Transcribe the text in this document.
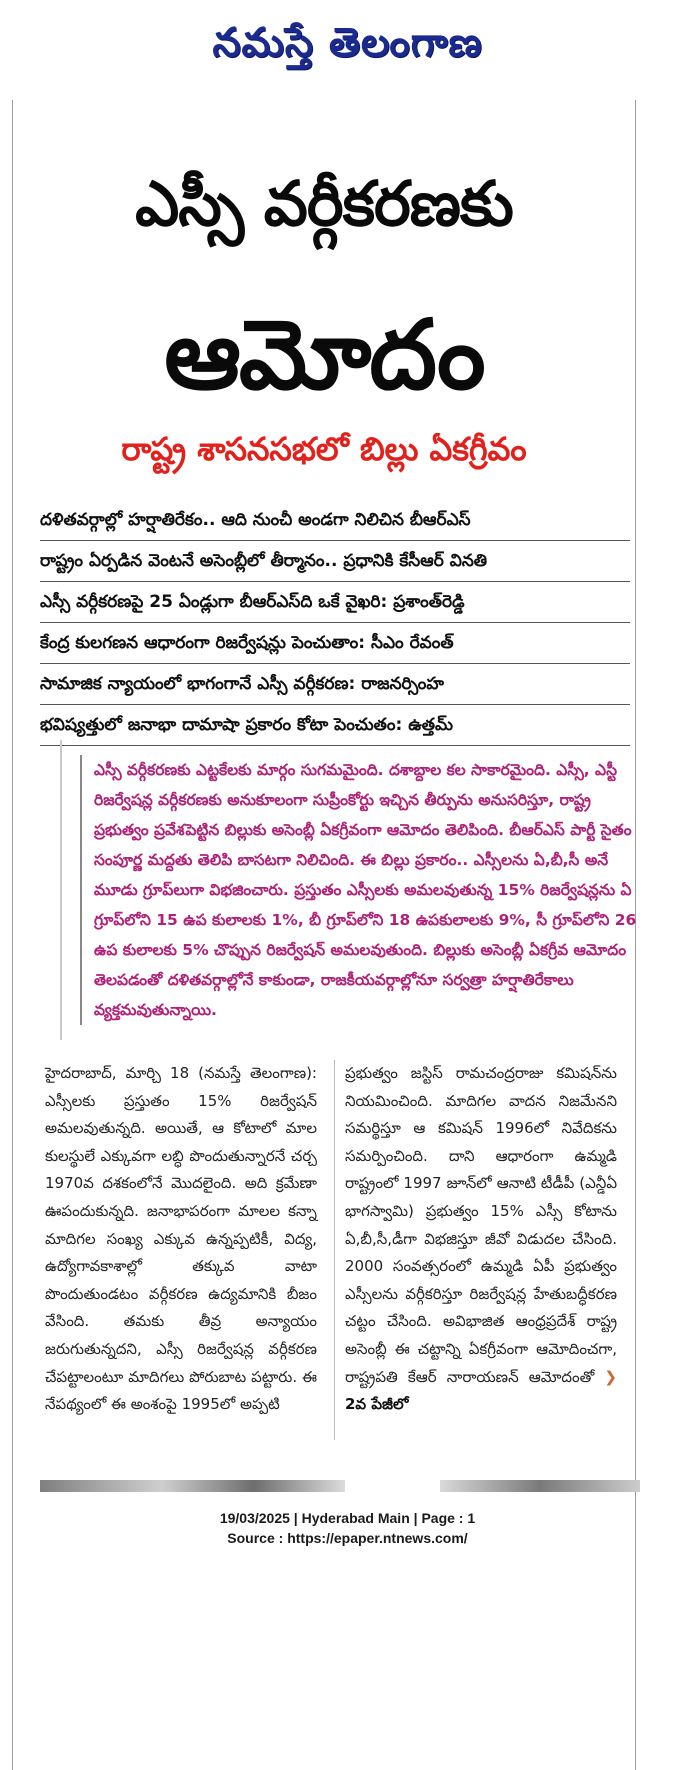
నమస్తే తెలంగాణ
ఎస్సీ వర్గీకరణకు
ఆమోదం
రాష్ట్ర శాసనసభలో బిల్లు ఏకగ్రీవం
దళితవర్గాల్లో హర్షాతిరేకం.. ఆది నుంచీ అండగా నిలిచిన బీఆర్ఎస్
రాష్ట్రం ఏర్పడిన వెంటనే అసెంబ్లీలో తీర్మానం.. ప్రధానికి కేసీఆర్ వినతి
ఎస్సీ వర్గీకరణపై 25 ఏండ్లుగా బీఆర్ఎస్‌ది ఒకే వైఖరి: ప్రశాంత్‌రెడ్డి
కేంద్ర కులగణన ఆధారంగా రిజర్వేషన్లు పెంచుతాం: సీఎం రేవంత్
సామాజిక న్యాయంలో భాగంగానే ఎస్సీ వర్గీకరణ: రాజనర్సింహ
భవిష్యత్తులో జనాభా దామాషా ప్రకారం కోటా పెంచుతం: ఉత్తమ్
ఎస్సీ వర్గీకరణకు ఎట్టకేలకు మార్గం సుగమమైంది. దశాబ్దాల కల సాకారమైంది. ఎస్సీ, ఎస్టీ రిజర్వేషన్ల వర్గీకరణకు అనుకూలంగా సుప్రీంకోర్టు ఇచ్చిన తీర్పును అనుసరిస్తూ, రాష్ట్ర ప్రభుత్వం ప్రవేశపెట్టిన బిల్లుకు అసెంబ్లీ ఏకగ్రీవంగా ఆమోదం తెలిపింది. బీఆర్ఎస్ పార్టీ సైతం సంపూర్ణ మద్దతు తెలిపి బాసటగా నిలిచింది. ఈ బిల్లు ప్రకారం.. ఎస్సీలను ఏ,బీ,సీ అనే మూడు గ్రూప్‌లుగా విభజించారు. ప్రస్తుతం ఎస్సీలకు అమలవుతున్న 15% రిజర్వేషన్లను ఏ గ్రూప్‌లోని 15 ఉప కులాలకు 1%, బీ గ్రూప్‌లోని 18 ఉపకులాలకు 9%, సీ గ్రూప్‌లోని 26 ఉప కులాలకు 5% చొప్పున రిజర్వేషన్ అమలవుతుంది. బిల్లుకు అసెంబ్లీ ఏకగ్రీవ ఆమోదం తెలపడంతో దళితవర్గాల్లోనే కాకుండా, రాజకీయవర్గాల్లోనూ సర్వత్రా హర్షాతిరేకాలు వ్యక్తమవుతున్నాయి.
హైదరాబాద్, మార్చి 18 (నమస్తే తెలంగాణ): ఎస్సీలకు ప్రస్తుతం 15% రిజర్వేషన్ అమలవుతున్నది. అయితే, ఆ కోటాలో మాల కులస్థులే ఎక్కువగా లబ్ధి పొందుతున్నారనే చర్చ 1970వ దశకంలోనే మొదలైంది. అది క్రమేణా ఊపందుకున్నది. జనాభాపరంగా మాలల కన్నా మాదిగల సంఖ్య ఎక్కువ ఉన్నప్పటికీ, విద్య, ఉద్యోగావకాశాల్లో తక్కువ వాటా పొందుతుండటం వర్గీకరణ ఉద్యమానికి బీజం వేసింది. తమకు తీవ్ర అన్యాయం జరుగుతున్నదని, ఎస్సీ రిజర్వేషన్ల వర్గీకరణ చేపట్టాలంటూ మాదిగలు పోరుబాట పట్టారు. ఈ నేపథ్యంలో ఈ అంశంపై 1995లో అప్పటి
ప్రభుత్వం జస్టిస్ రామచంద్రరాజు కమిషన్‌ను నియమించింది. మాదిగల వాదన నిజమేనని సమర్థిస్తూ ఆ కమిషన్ 1996లో నివేదికను సమర్పించింది. దాని ఆధారంగా ఉమ్మడి రాష్ట్రంలో 1997 జూన్‌లో ఆనాటి టీడీపీ (ఎన్డీఏ భాగస్వామి) ప్రభుత్వం 15% ఎస్సీ కోటాను ఏ,బీ,సీ,డీగా విభజిస్తూ జీవో విడుదల చేసింది. 2000 సంవత్సరంలో ఉమ్మడి ఏపీ ప్రభుత్వం ఎస్సీలను వర్గీకరిస్తూ రిజర్వేషన్ల హేతుబద్ధీకరణ చట్టం చేసింది. అవిభాజిత ఆంధ్రప్రదేశ్ రాష్ట్ర అసెంబ్లీ ఈ చట్టాన్ని ఏకగ్రీవంగా ఆమోదించగా, రాష్ట్రపతి కేఆర్ నారాయణన్ ఆమోదంతో ❯ 2వ పేజీలో
19/03/2025 | Hyderabad Main | Page : 1
Source : https://epaper.ntnews.com/
